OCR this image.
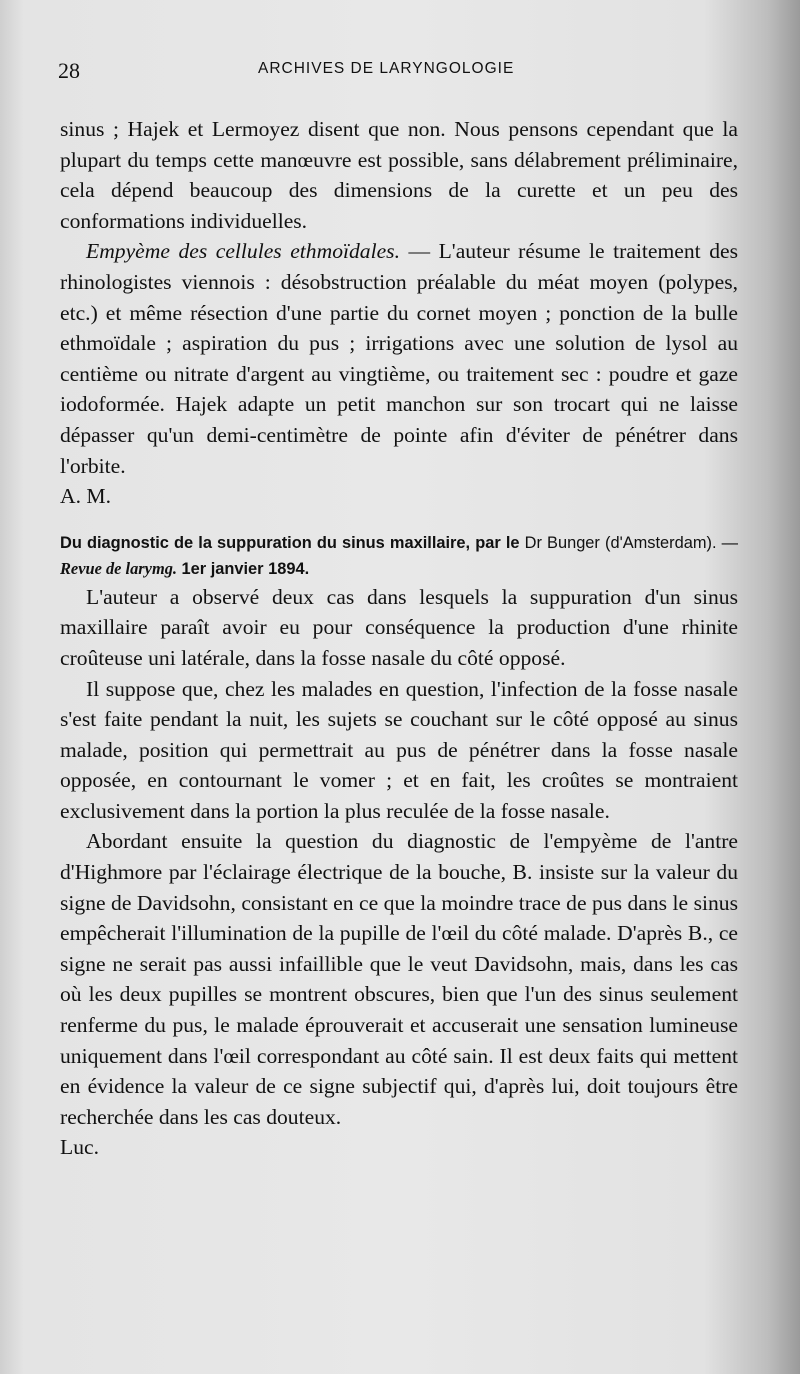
28	ARCHIVES DE LARYNGOLOGIE

sinus ; Hajek et Lermoyez disent que non. Nous pensons cependant que la plupart du temps cette manœuvre est possible, sans délabrement préliminaire, cela dépend beaucoup des dimensions de la curette et un peu des conformations individuelles.

Empyème des cellules ethmoïdales. — L'auteur résume le traitement des rhinologistes viennois : désobstruction préalable du méat moyen (polypes, etc.) et même résection d'une partie du cornet moyen ; ponction de la bulle ethmoïdale ; aspiration du pus ; irrigations avec une solution de lysol au centième ou nitrate d'argent au vingtième, ou traitement sec : poudre et gaze iodoformée. Hajek adapte un petit manchon sur son trocart qui ne laisse dépasser qu'un demi-centimètre de pointe afin d'éviter de pénétrer dans l'orbite.

A. M.

Du diagnostic de la suppuration du sinus maxillaire, par le Dr Bunger (d'Amsterdam). — Revue de larymg. 1er janvier 1894.

L'auteur a observé deux cas dans lesquels la suppuration d'un sinus maxillaire paraît avoir eu pour conséquence la production d'une rhinite croûteuse uni latérale, dans la fosse nasale du côté opposé.

Il suppose que, chez les malades en question, l'infection de la fosse nasale s'est faite pendant la nuit, les sujets se couchant sur le côté opposé au sinus malade, position qui permettrait au pus de pénétrer dans la fosse nasale opposée, en contournant le vomer ; et en fait, les croûtes se montraient exclusivement dans la portion la plus reculée de la fosse nasale.

Abordant ensuite la question du diagnostic de l'empyème de l'antre d'Highmore par l'éclairage électrique de la bouche, B. insiste sur la valeur du signe de Davidsohn, consistant en ce que la moindre trace de pus dans le sinus empêcherait l'illumination de la pupille de l'œil du côté malade. D'après B., ce signe ne serait pas aussi infaillible que le veut Davidsohn, mais, dans les cas où les deux pupilles se montrent obscures, bien que l'un des sinus seulement renferme du pus, le malade éprouverait et accuserait une sensation lumineuse uniquement dans l'œil correspondant au côté sain. Il est deux faits qui mettent en évidence la valeur de ce signe subjectif qui, d'après lui, doit toujours être recherchée dans les cas douteux.

Luc.
